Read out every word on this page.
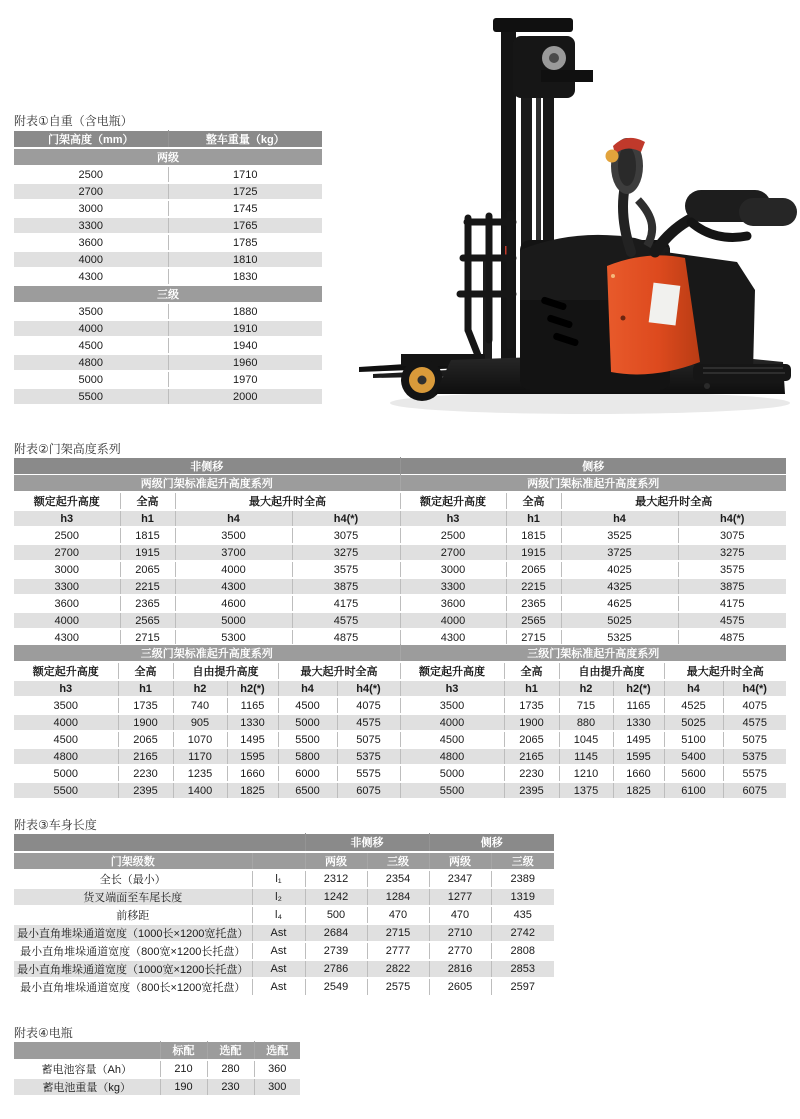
附表①自重（含电瓶）
门架高度（mm）	整车重量（kg）
两级	
2500	1710
2700	1725
3000	1745
3300	1765
3600	1785
4000	1810
4300	1830
三级	
3500	1880
4000	1910
4500	1940
4800	1960
5000	1970
5500	2000
附表②门架高度系列
非侧移	侧移
两级门架标准起升高度系列				两级门架标准起升高度系列			
额定起升高度	全高	最大起升时全高		额定起升高度	全高	最大起升时全高	
h3	h1	h4	h4(*)	h3	h1	h4	h4(*)
2500	1815	3500	3075	2500	1815	3525	3075
2700	1915	3700	3275	2700	1915	3725	3275
3000	2065	4000	3575	3000	2065	4025	3575
3300	2215	4300	3875	3300	2215	4325	3875
3600	2365	4600	4175	3600	2365	4625	4175
4000	2565	5000	4575	4000	2565	5025	4575
4300	2715	5300	4875	4300	2715	5325	4875
三级门架标准起升高度系列						三级门架标准起升高度系列					
额定起升高度	全高	自由提升高度		最大起升时全高		额定起升高度	全高	自由提升高度		最大起升时全高	
h3	h1	h2	h2(*)	h4	h4(*)	h3	h1	h2	h2(*)	h4	h4(*)
3500	1735	740	1165	4500	4075	3500	1735	715	1165	4525	4075
4000	1900	905	1330	5000	4575	4000	1900	880	1330	5025	4575
4500	2065	1070	1495	5500	5075	4500	2065	1045	1495	5100	5075
4800	2165	1170	1595	5800	5375	4800	2165	1145	1595	5400	5375
5000	2230	1235	1660	6000	5575	5000	2230	1210	1660	5600	5575
5500	2395	1400	1825	6500	6075	5500	2395	1375	1825	6100	6075
附表③车身长度
		非侧移		侧移	
门架级数		两级	三级	两级	三级
全长（最小）	l₁	2312	2354	2347	2389
货叉端面至车尾长度	l₂	1242	1284	1277	1319
前移距	l₄	500	470	470	435
最小直角堆垛通道宽度（1000长×1200宽托盘）	Ast	2684	2715	2710	2742
最小直角堆垛通道宽度（800宽×1200长托盘）	Ast	2739	2777	2770	2808
最小直角堆垛通道宽度（1000宽×1200长托盘）	Ast	2786	2822	2816	2853
最小直角堆垛通道宽度（800长×1200宽托盘）	Ast	2549	2575	2605	2597
附表④电瓶
	标配	选配	选配
蓄电池容量（Ah）	210	280	360
蓄电池重量（kg）	190	230	300
